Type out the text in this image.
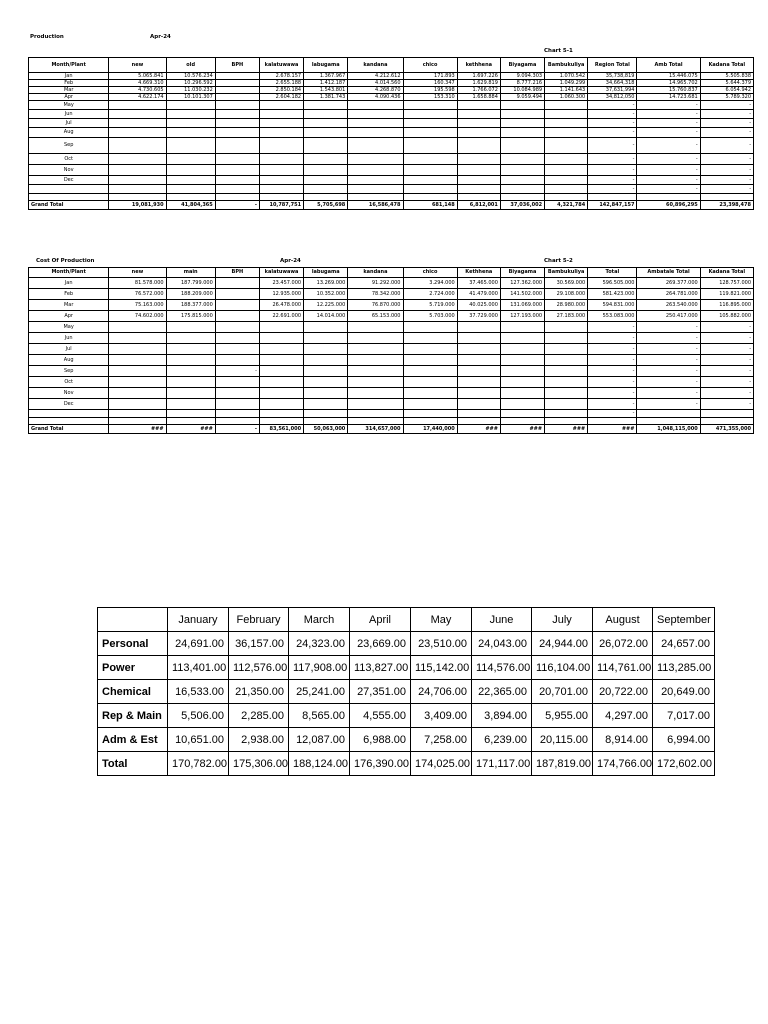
Production	Apr-24
Chart 5-1
Month/Plant	new	old	BPH	kalatuwawa	labugama	kandana	chico	kethhena	Biyagama	Bambukuliya	Region Total	Amb Total	Kadana Total
Jan	5.065.841	10.576.234		2.678.157	1.367.967	4.212.612	171.893	1.697.226	9.094.303	1.070.542	35,738,819	15.446.075	5.505.838
Feb	4.669.310	10.296.592		2.655.188	1.412.187	4.014.560	160.347	1.629.819	8.777.216	1.049.299	34,664,318	14.965.702	5.644.379
Mar	4.730.605	11.030.232		2.850.184	1.543.801	4.268.870	195.598	1.766.072	10.084.989	1.141.643	37,631,994	15.760.837	6.054.942
Apr	4.622.174	10.101.307		2.604.182	1.381.743	4.090.436	153.310	1.658.884	9.059.494	1.060.300	34,812,050	14.723.681	5.789.320
May											-	-	-
Jun											-	-	-
Jul											-	-	-
Aug											-	-	-
Sep											-	-	-
Oct											-	-	-
Nov											-	-	-
Dec											-	-	-
											-	-	-

Grand Total	19,081,930	41,804,365	-	10,787,751	5,705,698	16,586,478	681,148	6,812,001	37,036,002	4,321,784	142,847,157	60,896,295	23,398,478
Cost Of Production	Apr-24	Chart 5-2
Month/Plant	new	main	BPH	kalatuwawa	labugama	kandana	chico	Kethhena	Biyagama	Bambukuliya	Total	Ambatale Total	Kadana Total
Jan	81.578.000	187.799.000		23.457.000	13.269.000	91.292.000	3.294.000	37.465.000	127.362.000	30.569.000	596.505.000	269.377.000	128.757.000
Feb	76.572.000	188.209.000		12.935.000	10.352.000	78.342.000	2.724.000	41.479.000	141.502.000	29.108.000	581.423.000	264.781.000	119.821.000
Mar	75.163.000	188.377.000		26.478.000	12.225.000	76.870.000	5.719.000	40.025.000	131.069.000	28.980.000	594.831.000	263.540.000	116.895.000
Apr	74.602.000	175.815.000		22.691.000	14.014.000	65.153.000	5.703.000	37.729.000	127.193.000	27.183.000	553.083.000	250.417.000	105.882.000
May											-	-	-
Jun											-	-	-
Jul											-	-	-
Aug											-	-	-
Sep			-								-	-	-
Oct											-	-	-
Nov											-	-	-
Dec											-	-	-
											-		

Grand Total	###	###	-	83,561,000	50,063,000	314,657,000	17,440,000	###	###	###	###	1,048,115,000	471,355,000
	January	February	March	April	May	June	July	August	September
Personal	24,691.00	36,157.00	24,323.00	23,669.00	23,510.00	24,043.00	24,944.00	26,072.00	24,657.00
Power	113,401.00	112,576.00	117,908.00	113,827.00	115,142.00	114,576.00	116,104.00	114,761.00	113,285.00
Chemical	16,533.00	21,350.00	25,241.00	27,351.00	24,706.00	22,365.00	20,701.00	20,722.00	20,649.00
Rep & Main	5,506.00	2,285.00	8,565.00	4,555.00	3,409.00	3,894.00	5,955.00	4,297.00	7,017.00
Adm & Est	10,651.00	2,938.00	12,087.00	6,988.00	7,258.00	6,239.00	20,115.00	8,914.00	6,994.00
Total	170,782.00	175,306.00	188,124.00	176,390.00	174,025.00	171,117.00	187,819.00	174,766.00	172,602.00
